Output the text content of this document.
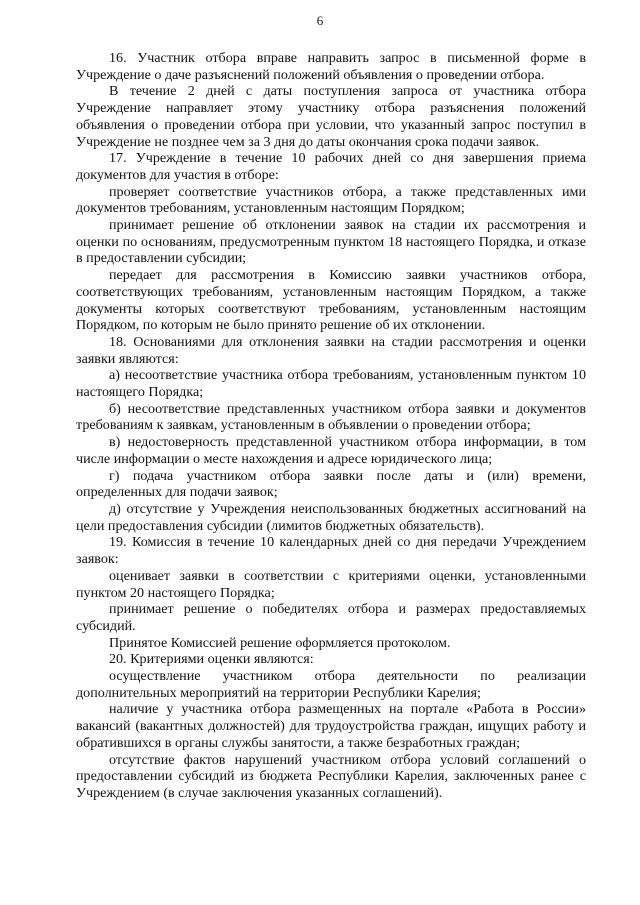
6

16. Участник отбора вправе направить запрос в письменной форме в Учреждение о даче разъяснений положений объявления о проведении отбора.

В течение 2 дней с даты поступления запроса от участника отбора Учреждение направляет этому участнику отбора разъяснения положений объявления о проведении отбора при условии, что указанный запрос поступил в Учреждение не позднее чем за 3 дня до даты окончания срока подачи заявок.

17. Учреждение в течение 10 рабочих дней со дня завершения приема документов для участия в отборе:

проверяет соответствие участников отбора, а также представленных ими документов требованиям, установленным настоящим Порядком;

принимает решение об отклонении заявок на стадии их рассмотрения и оценки по основаниям, предусмотренным пунктом 18 настоящего Порядка, и отказе в предоставлении субсидии;

передает для рассмотрения в Комиссию заявки участников отбора, соответствующих требованиям, установленным настоящим Порядком, а также документы которых соответствуют требованиям, установленным настоящим Порядком, по которым не было принято решение об их отклонении.

18. Основаниями для отклонения заявки на стадии рассмотрения и оценки заявки являются:

а) несоответствие участника отбора требованиям, установленным пунктом 10 настоящего Порядка;

б) несоответствие представленных участником отбора заявки и документов требованиям к заявкам, установленным в объявлении о проведении отбора;

в) недостоверность представленной участником отбора информации, в том числе информации о месте нахождения и адресе юридического лица;

г) подача участником отбора заявки после даты и (или) времени, определенных для подачи заявок;

д) отсутствие у Учреждения неиспользованных бюджетных ассигнований на цели предоставления субсидии (лимитов бюджетных обязательств).

19. Комиссия в течение 10 календарных дней со дня передачи Учреждением заявок:

оценивает заявки в соответствии с критериями оценки, установленными пунктом 20 настоящего Порядка;

принимает решение о победителях отбора и размерах предоставляемых субсидий.

Принятое Комиссией решение оформляется протоколом.

20. Критериями оценки являются:

осуществление участником отбора деятельности по реализации дополнительных мероприятий на территории Республики Карелия;

наличие у участника отбора размещенных на портале «Работа в России» вакансий (вакантных должностей) для трудоустройства граждан, ищущих работу и обратившихся в органы службы занятости, а также безработных граждан;

отсутствие фактов нарушений участником отбора условий соглашений о предоставлении субсидий из бюджета Республики Карелия, заключенных ранее с Учреждением (в случае заключения указанных соглашений).
